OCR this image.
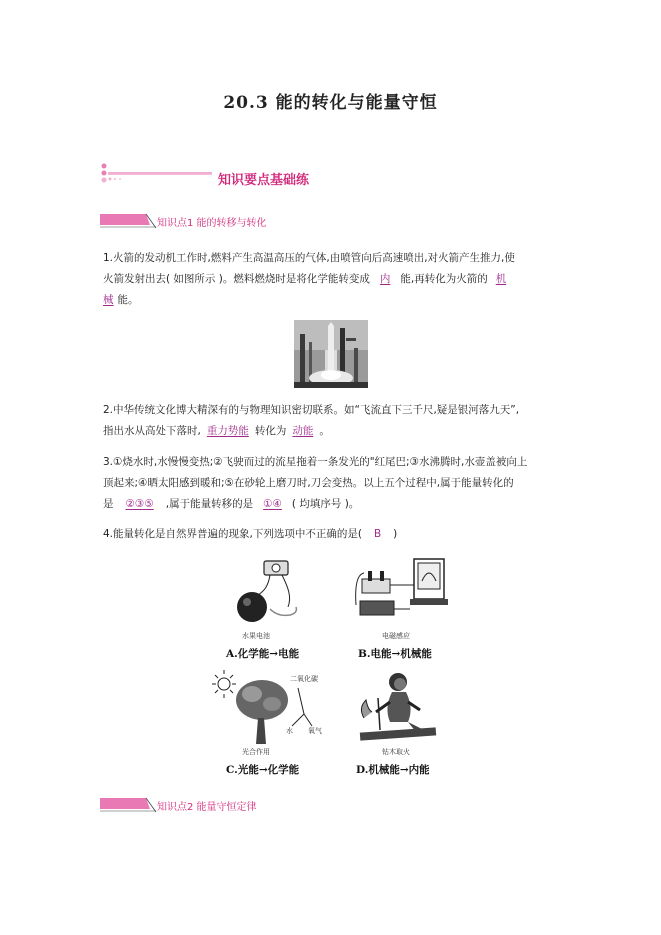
20.3 能的转化与能量守恒
知识要点基础练
知识点1 能的转移与转化
1.火箭的发动机工作时,燃料产生高温高压的气体,由喷管向后高速喷出,对火箭产生推力,使
火箭发射出去( 如图所示 )。燃料燃烧时是将化学能转变成 内 能,再转化为火箭的 机
械 能。
2.中华传统文化博大精深有的与物理知识密切联系。如“飞流直下三千尺,疑是银河落九天”,
指出水从高处下落时, 重力势能 转化为 动能 。
3.①烧水时,水慢慢变热;②飞驶而过的流星拖着一条发光的"红尾巴;③水沸腾时,水壶盖被向上
顶起来;④晒太阳感到暖和;⑤在砂轮上磨刀时,刀会变热。以上五个过程中,属于能量转化的
是 ②③⑤ ,属于能量转移的是 ①④ ( 均填序号 )。
4.能量转化是自然界普遍的现象,下列选项中不正确的是( B )
水果电池
A.化学能→电能
电磁感应
B.电能→机械能
二氧化碳
水 氧气
光合作用
C.光能→化学能
钻木取火
D.机械能→内能
知识点2 能量守恒定律
